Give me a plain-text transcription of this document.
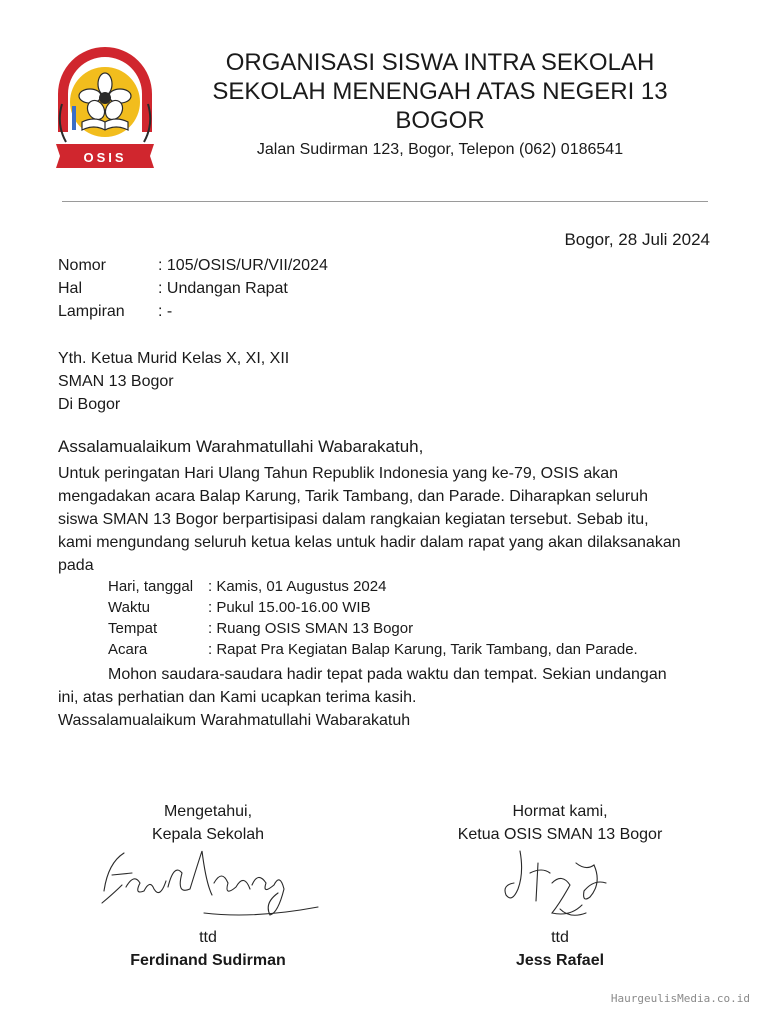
OSIS
ORGANISASI SISWA INTRA SEKOLAH
SEKOLAH MENENGAH ATAS NEGERI 13
BOGOR
Jalan Sudirman 123, Bogor, Telepon (062) 0186541
Bogor, 28 Juli 2024
Nomor	: 105/OSIS/UR/VII/2024
Hal	: Undangan Rapat
Lampiran : -
Yth. Ketua Murid Kelas X, XI, XII
SMAN 13 Bogor
Di Bogor
Assalamualaikum Warahmatullahi Wabarakatuh,
Untuk peringatan Hari Ulang Tahun Republik Indonesia yang ke-79, OSIS akan
mengadakan acara Balap Karung, Tarik Tambang, dan Parade. Diharapkan seluruh
siswa SMAN 13 Bogor berpartisipasi dalam rangkaian kegiatan tersebut. Sebab itu,
kami mengundang seluruh ketua kelas untuk hadir dalam rapat yang akan dilaksanakan
pada
Hari, tanggal : Kamis, 01 Augustus 2024
Waktu	: Pukul 15.00-16.00 WIB
Tempat	: Ruang OSIS SMAN 13 Bogor
Acara	: Rapat Pra Kegiatan Balap Karung, Tarik Tambang, dan Parade.
Mohon saudara-saudara hadir tepat pada waktu dan tempat. Sekian undangan
ini, atas perhatian dan Kami ucapkan terima kasih.
Wassalamualaikum Warahmatullahi Wabarakatuh
Mengetahui,
Kepala Sekolah
ttd
Ferdinand Sudirman
Hormat kami,
Ketua OSIS SMAN 13 Bogor
ttd
Jess Rafael
HaurgeulisMedia.co.id
